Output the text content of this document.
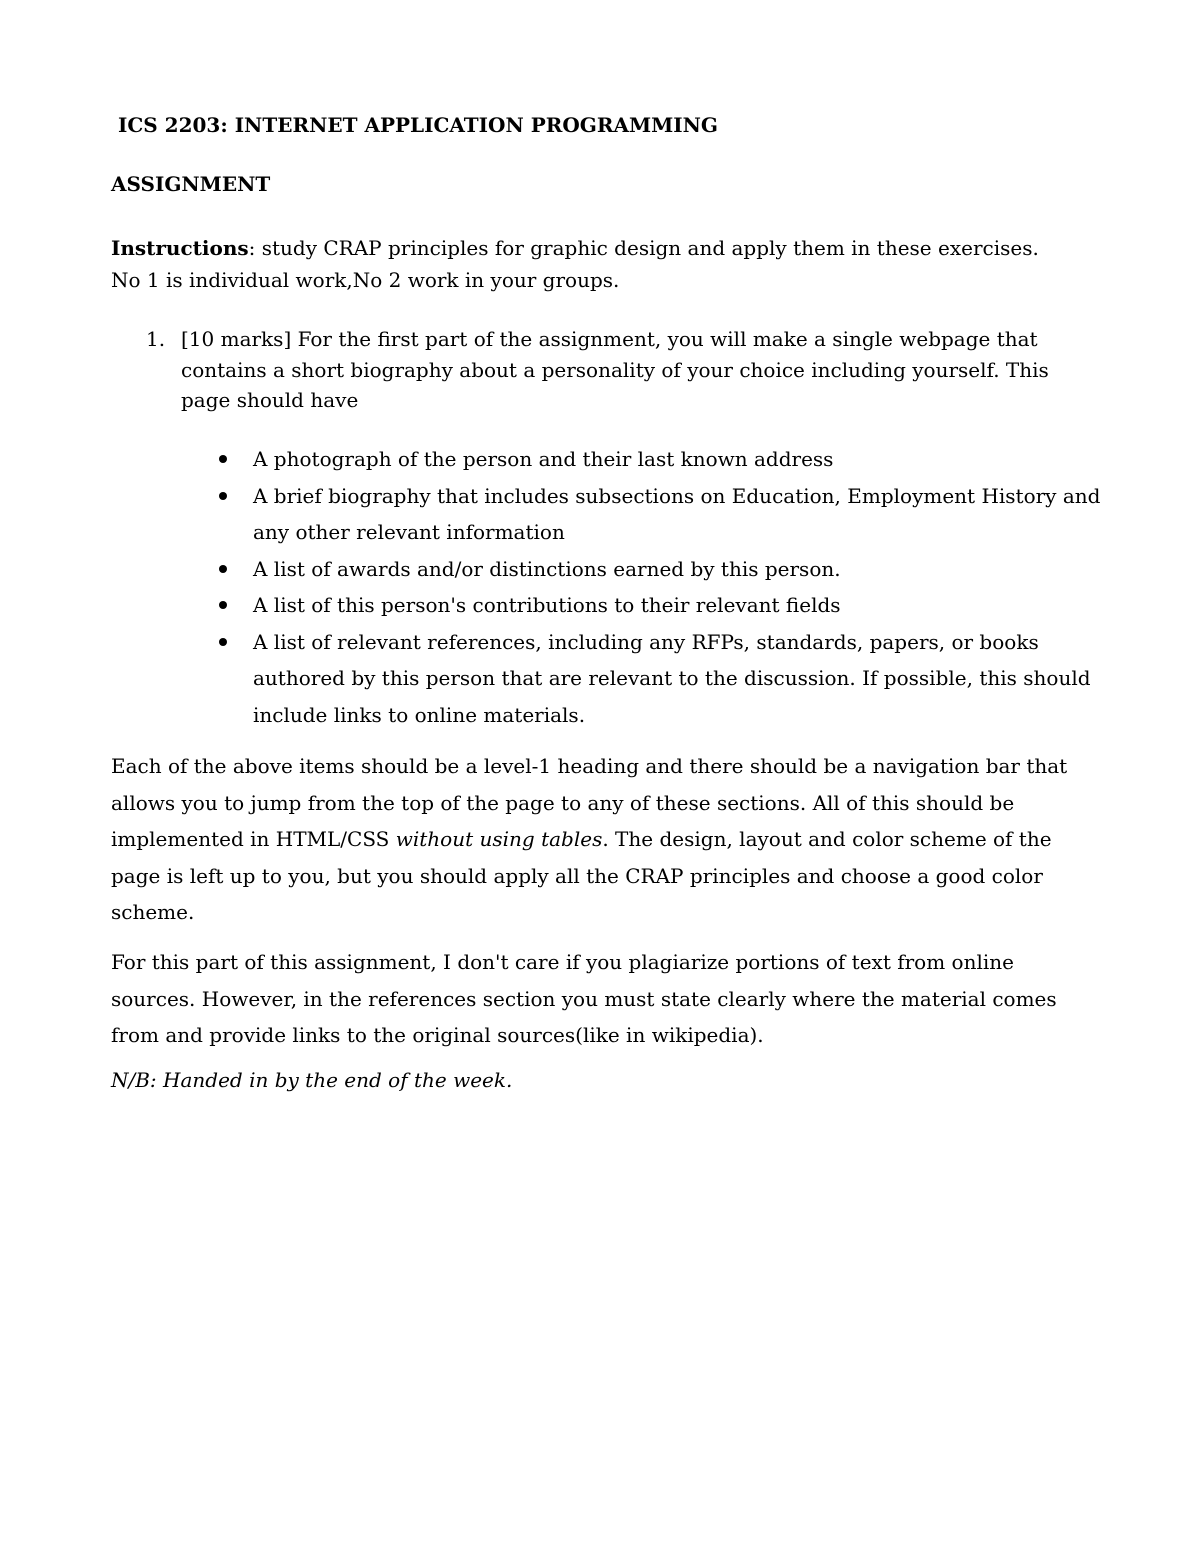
ICS 2203: INTERNET APPLICATION PROGRAMMING
ASSIGNMENT

Instructions: study CRAP principles for graphic design and apply them in these exercises. No 1 is individual work,No 2 work in your groups.

1. [10 marks] For the first part of the assignment, you will make a single webpage that contains a short biography about a personality of your choice including yourself. This page should have

A photograph of the person and their last known address
A brief biography that includes subsections on Education, Employment History and any other relevant information
A list of awards and/or distinctions earned by this person.
A list of this person's contributions to their relevant fields
A list of relevant references, including any RFPs, standards, papers, or books authored by this person that are relevant to the discussion. If possible, this should include links to online materials.

Each of the above items should be a level-1 heading and there should be a navigation bar that allows you to jump from the top of the page to any of these sections. All of this should be implemented in HTML/CSS without using tables. The design, layout and color scheme of the page is left up to you, but you should apply all the CRAP principles and choose a good color scheme.

For this part of this assignment, I don't care if you plagiarize portions of text from online sources. However, in the references section you must state clearly where the material comes from and provide links to the original sources(like in wikipedia).

N/B: Handed in by the end of the week.
